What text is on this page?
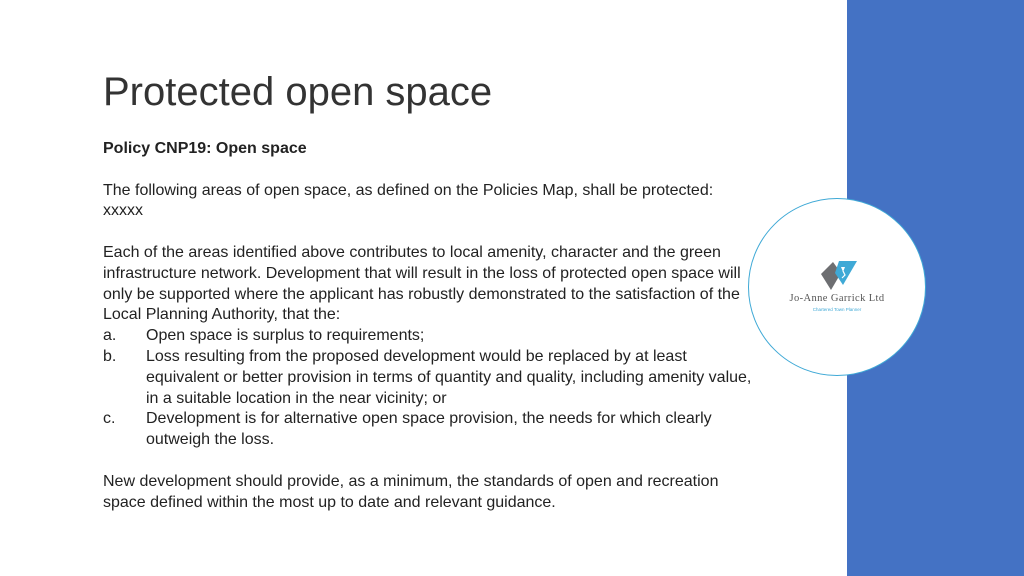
Jo-Anne Garrick Ltd
Chartered Town Planner
Protected open space

Policy CNP19: Open space

The following areas of open space, as defined on the Policies Map, shall be protected: xxxxx

Each of the areas identified above contributes to local amenity, character and the green infrastructure network. Development that will result in the loss of protected open space will only be supported where the applicant has robustly demonstrated to the satisfaction of the Local Planning Authority, that the:

a.	Open space is surplus to requirements;
b.	Loss resulting from the proposed development would be replaced by at least equivalent or better provision in terms of quantity and quality, including amenity value, in a suitable location in the near vicinity; or
c.	Development is for alternative open space provision, the needs for which clearly outweigh the loss.

New development should provide, as a minimum, the standards of open and recreation space defined within the most up to date and relevant guidance.
